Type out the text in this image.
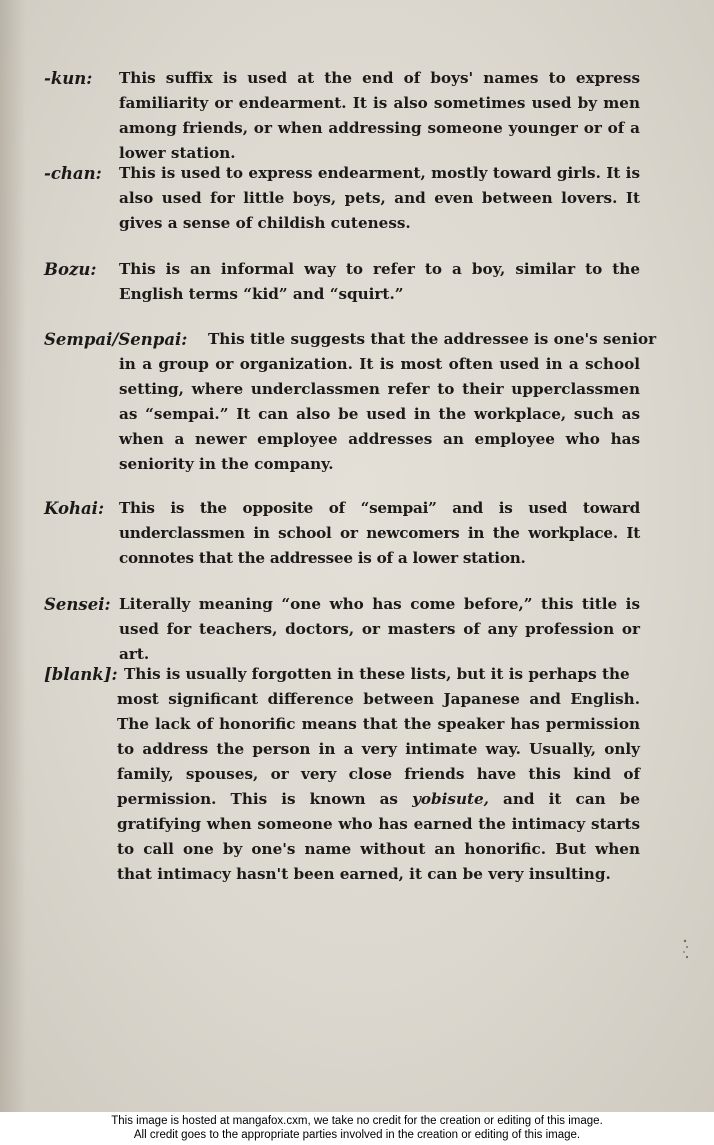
-kun: This suffix is used at the end of boys' names to express familiarity or endearment. It is also sometimes used by men among friends, or when addressing someone younger or of a lower station.
-chan: This is used to express endearment, mostly toward girls. It is also used for little boys, pets, and even between lovers. It gives a sense of childish cuteness.
Bozu: This is an informal way to refer to a boy, similar to the English terms “kid” and “squirt.”
Sempai/Senpai: This title suggests that the addressee is one's senior
in a group or organization. It is most often used in a school setting, where underclassmen refer to their upperclassmen as “sempai.” It can also be used in the workplace, such as when a newer employee addresses an employee who has seniority in the company.
Kohai: This is the opposite of “sempai” and is used toward underclassmen in school or newcomers in the workplace. It connotes that the addressee is of a lower station.
Sensei: Literally meaning “one who has come before,” this title is used for teachers, doctors, or masters of any profession or art.
[blank]: This is usually forgotten in these lists, but it is perhaps the
most significant difference between Japanese and English. The lack of honorific means that the speaker has permission to address the person in a very intimate way. Usually, only family, spouses, or very close friends have this kind of permission. This is known as yobisute, and it can be gratifying when someone who has earned the intimacy starts to call one by one's name without an honorific. But when that intimacy hasn't been earned, it can be very insulting.
This image is hosted at mangafox.cxm, we take no credit for the creation or editing of this image.
All credit goes to the appropriate parties involved in the creation or editing of this image.
